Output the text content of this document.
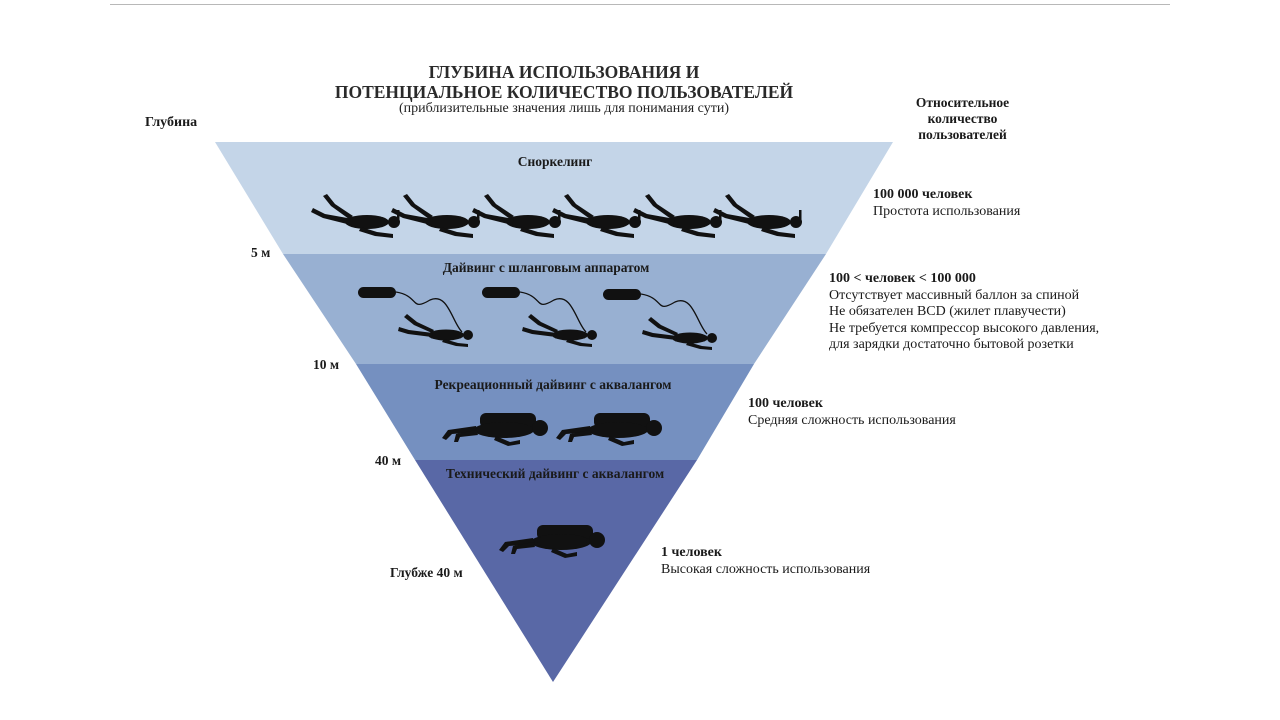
ГЛУБИНА ИСПОЛЬЗОВАНИЯ И
ПОТЕНЦИАЛЬНОЕ КОЛИЧЕСТВО ПОЛЬЗОВАТЕЛЕЙ
(приблизительные значения лишь для понимания сути)
Глубина
Относительное
количество
пользователей
Сноркелинг
Дайвинг с шланговым аппаратом
Рекреационный дайвинг с аквалангом
Технический дайвинг с аквалангом
5 м
10 м
40 м
Глубже 40 м
100 000 человек
Простота использования
100 < человек < 100 000
Отсутствует массивный баллон за спиной
Не обязателен BCD (жилет плавучести)
Не требуется компрессор высокого давления,
для зарядки достаточно бытовой розетки
100 человек
Средняя сложность использования
1 человек
Высокая сложность использования
